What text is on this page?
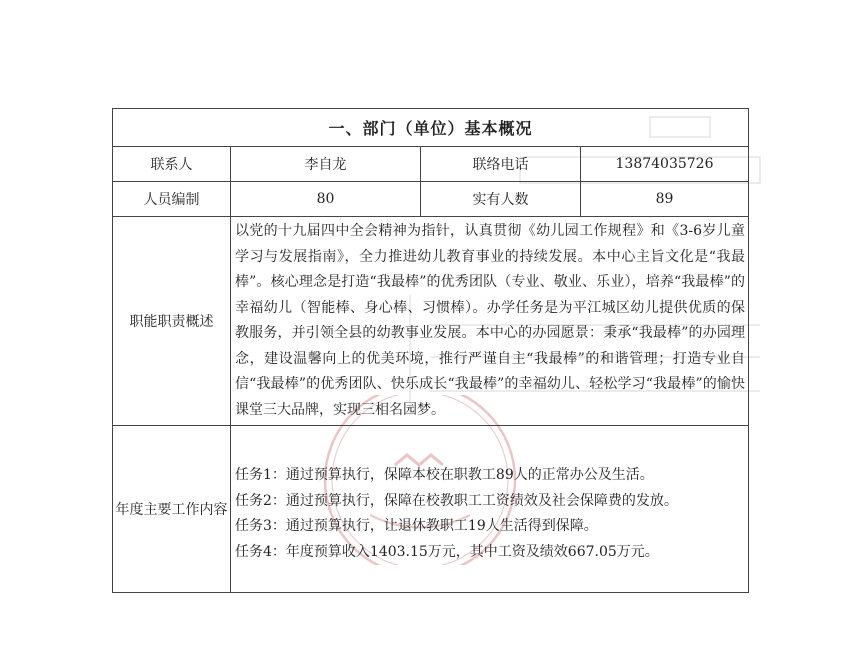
一、部门（单位）基本概况			
联系人	李自龙	联络电话	13874035726
人员编制	80	实有人数	89
职能职责概述	以党的十九届四中全会精神为指针，认真贯彻《幼儿园工作规程》和《3-6岁儿童学习与发展指南》，全力推进幼儿教育事业的持续发展。本中心主旨文化是“我最棒”。核心理念是打造“我最棒”的优秀团队（专业、敬业、乐业），培养“我最棒”的幸福幼儿（智能棒、身心棒、习惯棒）。办学任务是为平江城区幼儿提供优质的保教服务，并引领全县的幼教事业发展。本中心的办园愿景：秉承“我最棒”的办园理念，建设温馨向上的优美环境，推行严谨自主“我最棒”的和谐管理；打造专业自信“我最棒”的优秀团队、快乐成长“我最棒”的幸福幼儿、轻松学习“我最棒”的愉快课堂三大品牌，实现三相名园梦。		

年度主要工作内容	任务1：通过预算执行，保障本校在职教工89人的正常办公及生活。
任务2：通过预算执行，保障在校教职工工资绩效及社会保障费的发放。
任务3：通过预算执行，让退休教职工19人生活得到保障。
任务4：年度预算收入1403.15万元，其中工资及绩效667.05万元。		
